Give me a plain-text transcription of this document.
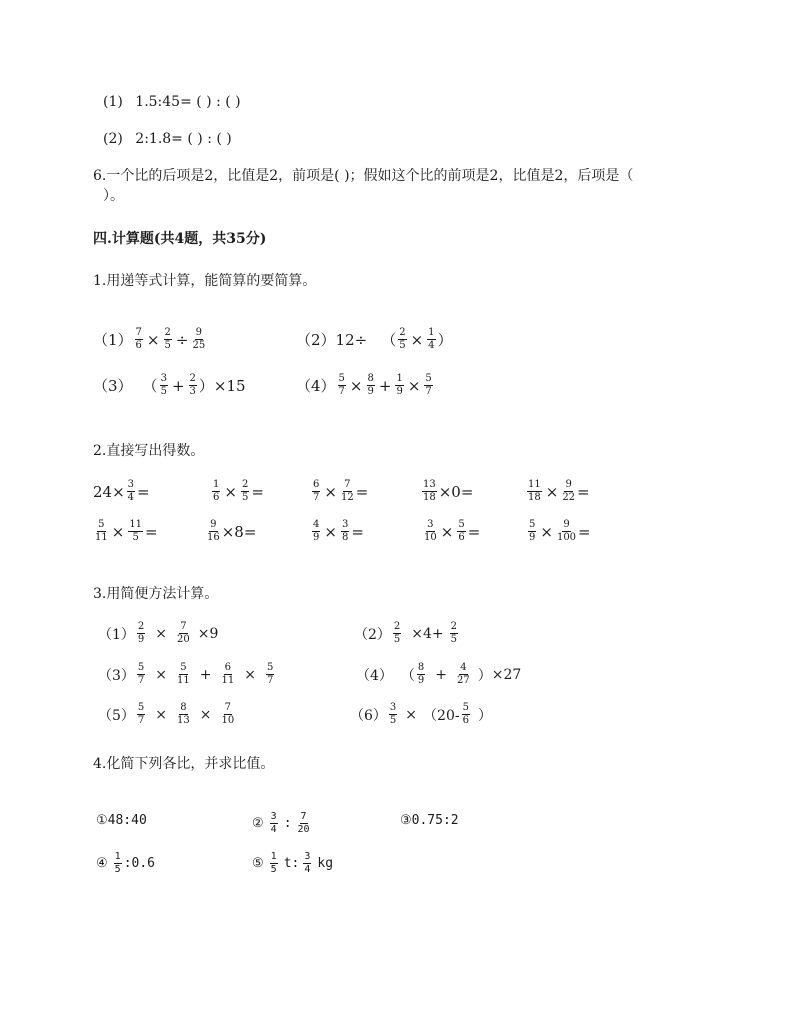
(1) 1.5:45= ( ) : ( )
(2) 2:1.8= ( ) : ( )
6.一个比的后项是2，比值是2，前项是( )；假如这个比的前项是2，比值是2，后项是（
）。
四.计算题(共4题，共35分)
1.用递等式计算，能简算的要简算。
$(1) \frac{7}{6} \times \frac{2}{5} \div \frac{9}{25}$	（2） 12÷ （ $\frac{2}{5} \times \frac{1}{4}$ ）
（3） （ $\frac{3}{5} + \frac{2}{3}$ ） ×15	$(4) \frac{5}{7} \times \frac{8}{9} + \frac{1}{9} \times \frac{5}{7}$
2.直接写出得数。
$24\times \frac{3}{4}$ =	$\frac{1}{6} \times \frac{2}{5}$ =	$\frac{6}{7} \times \frac{7}{12}$ =	$\frac{13}{18} \times 0=$	$\frac{11}{18} \times \frac{9}{22}$ =
$\frac{5}{11} \times \frac{11}{5}$ =	$\frac{9}{16} \times 8=$	$\frac{4}{9} \times \frac{3}{8}$ =	$\frac{3}{10} \times \frac{5}{6}$ =	$\frac{5}{9} \times \frac{9}{100}$ =
3.用简便方法计算。
$(1) \frac{2}{9} \times \frac{7}{20} \times 9$	$(2) \frac{2}{5} \times 4+ \frac{2}{5}$
$(3) \frac{5}{7} \times \frac{5}{11} + \frac{6}{11} \times \frac{5}{7}$	（4） （ $\frac{8}{9} + \frac{4}{27}$ ） ×27
$(5) \frac{5}{7} \times \frac{8}{13} \times \frac{7}{10}$	$(6) \frac{3}{5} \times (20- \frac{5}{6}$ ）
4.化简下列各比，并求比值。
①48:40	② $\frac{3}{4}$ : $\frac{7}{20}$	③0.75:2
④ $\frac{1}{5}$ :0.6	⑤ $\frac{1}{5} t$: $\frac{3}{4}$ kg
